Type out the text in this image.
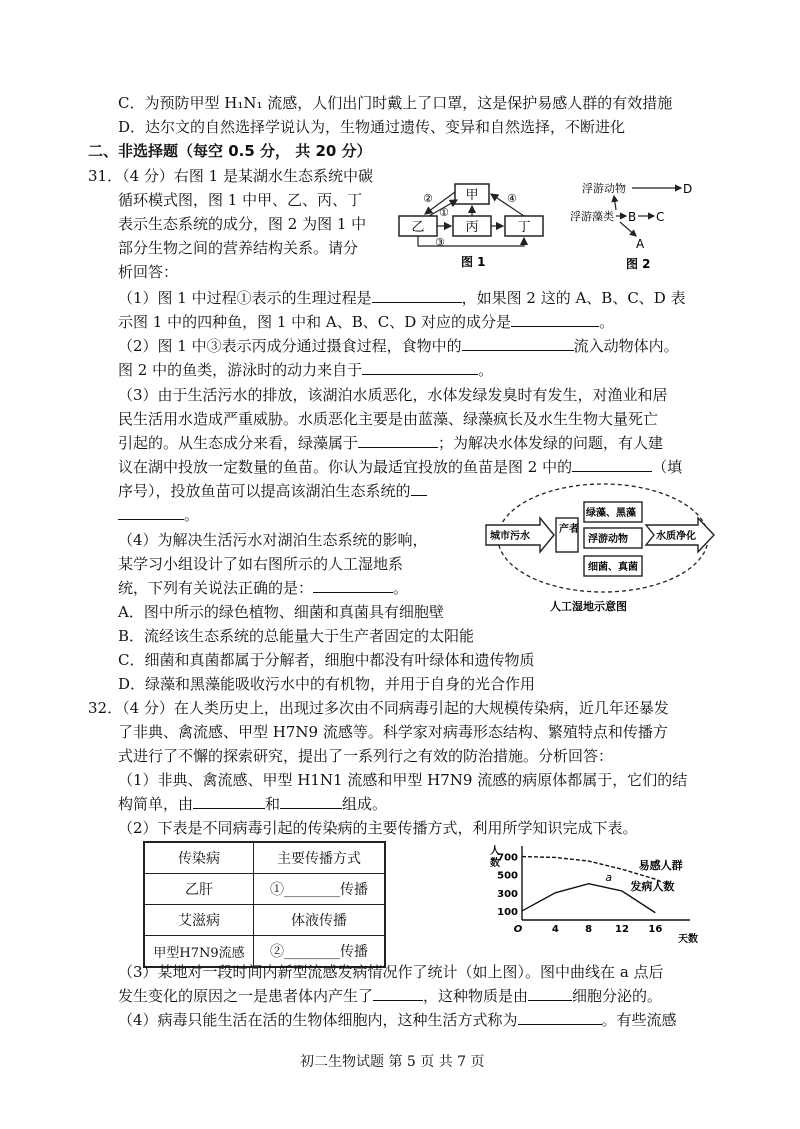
C．为预防甲型 H₁N₁ 流感，人们出门时戴上了口罩，这是保护易感人群的有效措施
D．达尔文的自然选择学说认为，生物通过遗传、变异和自然选择，不断进化
二、非选择题（每空 0.5 分， 共 20 分）
31．（4 分）右图 1 是某湖水生态系统中碳
循环模式图，图 1 中甲、乙、丙、丁
表示生态系统的成分，图 2 为图 1 中
部分生物之间的营养结构关系。请分
析回答：
甲
乙	丙	丁
②
①
④
③
图 1
浮游藻类
浮游动物	D
B C
A
图 2
（1）图 1 中过程①表示的生理过程是	，如果图 2 这的 A、B、C、D 表
示图 1 中的四种鱼，图 1 中和 A、B、C、D 对应的成分是	。
（2）图 1 中③表示丙成分通过摄食过程，食物中的	流入动物体内。
图 2 中的鱼类，游泳时的动力来自于	。
（3）由于生活污水的排放，该湖泊水质恶化，水体发绿发臭时有发生，对渔业和居
民生活用水造成严重威胁。水质恶化主要是由蓝藻、绿藻疯长及水生生物大量死亡
引起的。从生态成分来看，绿藻属于	；为解决水体发绿的问题，有人建
议在湖中投放一定数量的鱼苗。你认为最适宜投放的鱼苗是图 2 中的	（填
序号），投放鱼苗可以提高该湖泊生态系统的
。
（4）为解决生活污水对湖泊生态系统的影响，
某学习小组设计了如右图所示的人工湿地系
统，下列有关说法正确的是：	。
城市污水
产者
绿藻、黑藻
浮游动物
细菌、真菌
水质净化
人工湿地示意图
A．图中所示的绿色植物、细菌和真菌具有细胞壁
B．流经该生态系统的总能量大于生产者固定的太阳能
C．细菌和真菌都属于分解者，细胞中都没有叶绿体和遗传物质
D．绿藻和黑藻能吸收污水中的有机物，并用于自身的光合作用
32．（4 分）在人类历史上，出现过多次由不同病毒引起的大规模传染病，近几年还暴发
了非典、禽流感、甲型 H7N9 流感等。科学家对病毒形态结构、繁殖特点和传播方
式进行了不懈的探索研究，提出了一系列行之有效的防治措施。分析回答：
（1）非典、禽流感、甲型 H1N1 流感和甲型 H7N9 流感的病原体都属于，它们的结
构简单，由	和	组成。
（2）下表是不同病毒引起的传染病的主要传播方式，利用所学知识完成下表。
传染病	主要传播方式
乙肝	①________传播
艾滋病	体液传播
甲型H7N9流感	②________传播
100
300
500
700
O	4	8 12 16
人
数
天数
易感人群
发病人数
a
（3）某地对一段时间内新型流感发病情况作了统计（如上图）。图中曲线在 a 点后
发生变化的原因之一是患者体内产生了	，这种物质是由	细胞分泌的。
（4）病毒只能生活在活的生物体细胞内，这种生活方式称为	。有些流感
初二生物试题 第 5 页 共 7 页
